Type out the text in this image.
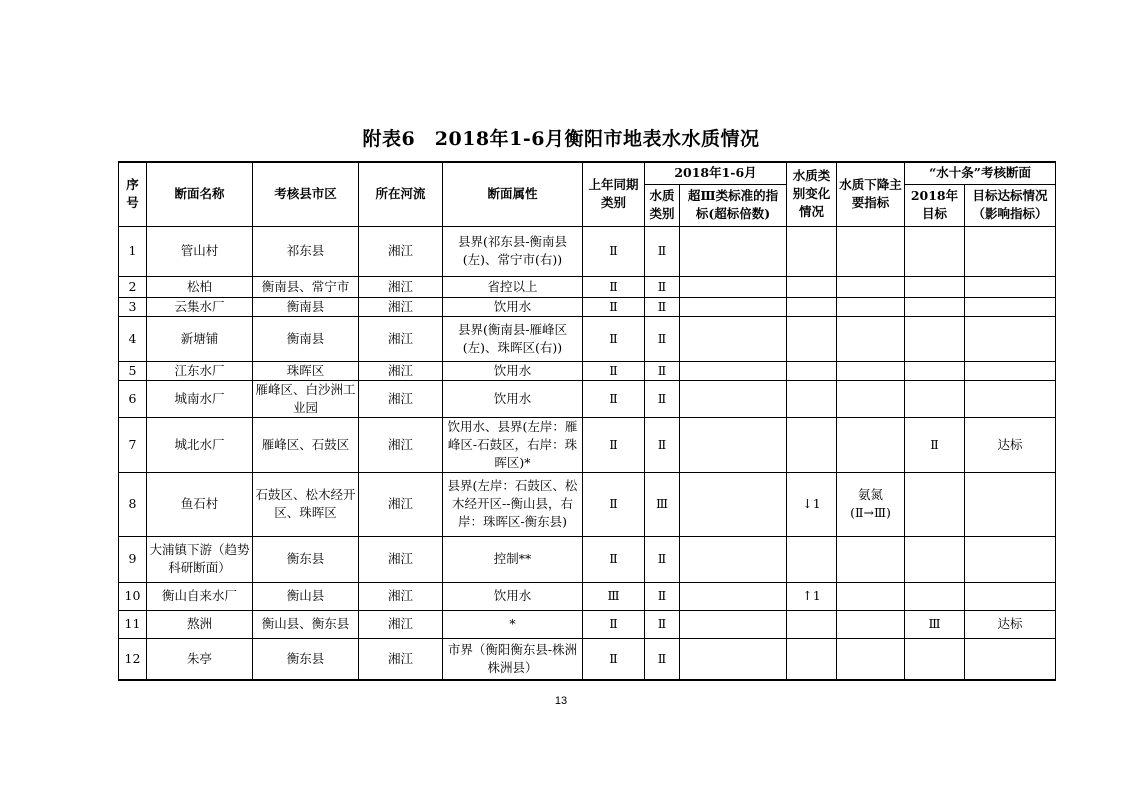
附表6　2018年1-6月衡阳市地表水水质情况
序号	断面名称	考核县市区	所在河流	断面属性	上年同期类别	2018年1-6月		水质类别变化情况	水质下降主要指标	“水十条”考核断面	
						水质类别	超Ⅲ类标准的指标(超标倍数)			2018年目标	目标达标情况（影响指标）
1	管山村	祁东县	湘江	县界(祁东县-衡南县(左)、常宁市(右))	Ⅱ	Ⅱ					
2	松柏	衡南县、常宁市	湘江	省控以上	Ⅱ	Ⅱ					
3	云集水厂	衡南县	湘江	饮用水	Ⅱ	Ⅱ					
4	新塘铺	衡南县	湘江	县界(衡南县-雁峰区(左)、珠晖区(右))	Ⅱ	Ⅱ					
5	江东水厂	珠晖区	湘江	饮用水	Ⅱ	Ⅱ					
6	城南水厂	雁峰区、白沙洲工业园	湘江	饮用水	Ⅱ	Ⅱ					
7	城北水厂	雁峰区、石鼓区	湘江	饮用水、县界(左岸：雁峰区-石鼓区，右岸：珠晖区)*	Ⅱ	Ⅱ				Ⅱ	达标
8	鱼石村	石鼓区、松木经开区、珠晖区	湘江	县界(左岸：石鼓区、松木经开区--衡山县，右岸：珠晖区-衡东县)	Ⅱ	Ⅲ		↓1	氨氮(Ⅱ→Ⅲ)		
9	大浦镇下游（趋势科研断面）	衡东县	湘江	控制**	Ⅱ	Ⅱ					
10	衡山自来水厂	衡山县	湘江	饮用水	Ⅲ	Ⅱ		↑1			
11	熬洲	衡山县、衡东县	湘江	*	Ⅱ	Ⅱ				Ⅲ	达标
12	朱亭	衡东县	湘江	市界（衡阳衡东县-株洲株洲县）	Ⅱ	Ⅱ					
13
